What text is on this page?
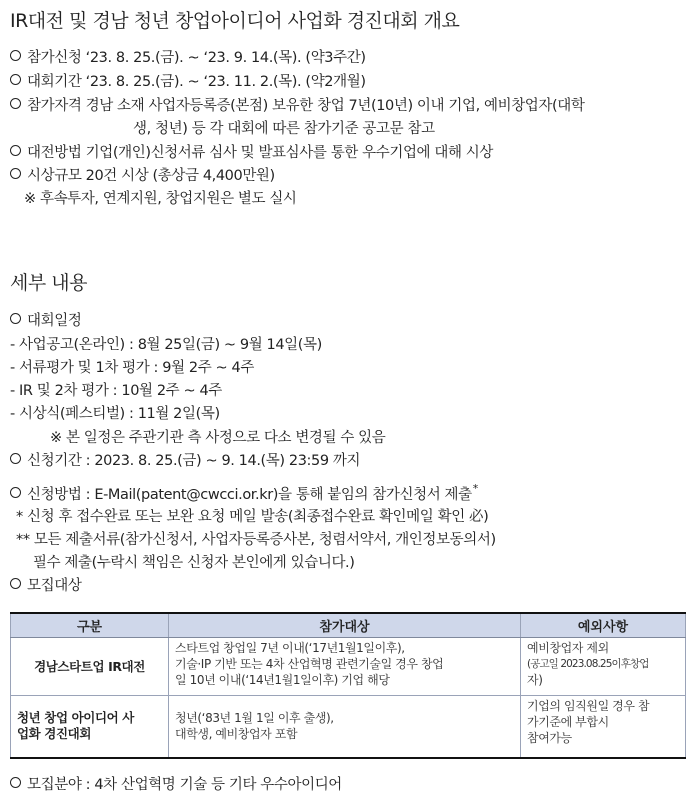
IR대전 및 경남 청년 창업아이디어 사업화 경진대회 개요
참가신청 ‘23. 8. 25.(금). ~ ‘23. 9. 14.(목). (약3주간)
대회기간 ‘23. 8. 25.(금). ~ ‘23. 11. 2.(목). (약2개월)
참가자격 경남 소재 사업자등록증(본점) 보유한 창업 7년(10년) 이내 기업, 예비창업자(대학
생, 청년) 등 각 대회에 따른 참가기준 공고문 참고
대전방법 기업(개인)신청서류 심사 및 발표심사를 통한 우수기업에 대해 시상
시상규모 20건 시상 (총상금 4,400만원)
※ 후속투자, 연계지원, 창업지원은 별도 실시
세부 내용
대회일정
- 사업공고(온라인) : 8월 25일(금) ~ 9월 14일(목)
- 서류평가 및 1차 평가 : 9월 2주 ~ 4주
- IR 및 2차 평가 : 10월 2주 ~ 4주
- 시상식(페스티벌) : 11월 2일(목)
※ 본 일정은 주관기관 측 사정으로 다소 변경될 수 있음
신청기간 : 2023. 8. 25.(금) ~ 9. 14.(목) 23:59 까지
신청방법 : E-Mail(patent@cwcci.or.kr)을 통해 붙임의 참가신청서 제출*
* 신청 후 접수완료 또는 보완 요청 메일 발송(최종접수완료 확인메일 확인 必)
** 모든 제출서류(참가신청서, 사업자등록증사본, 청렴서약서, 개인정보동의서)
필수 제출(누락시 책임은 신청자 본인에게 있습니다.)
모집대상
구분	참가대상	예외사항

경남스타트업 IR대전	스타트업 창업일 7년 이내(‘17년1월1일이후),
기술·IP 기반 또는 4차 산업혁명 관련기술일 경우 창업
일 10년 이내(‘14년1월1일이후) 기업 해당	예비창업자 제외
(공고일 2023.08.25이후창업
자)

청년 창업 아이디어 사
업화 경진대회	청년(‘83년 1월 1일 이후 출생),
대학생, 예비창업자 포함	기업의 임직원일 경우 참
가기준에 부합시
참여가능
모집분야 : 4차 산업혁명 기술 등 기타 우수아이디어
